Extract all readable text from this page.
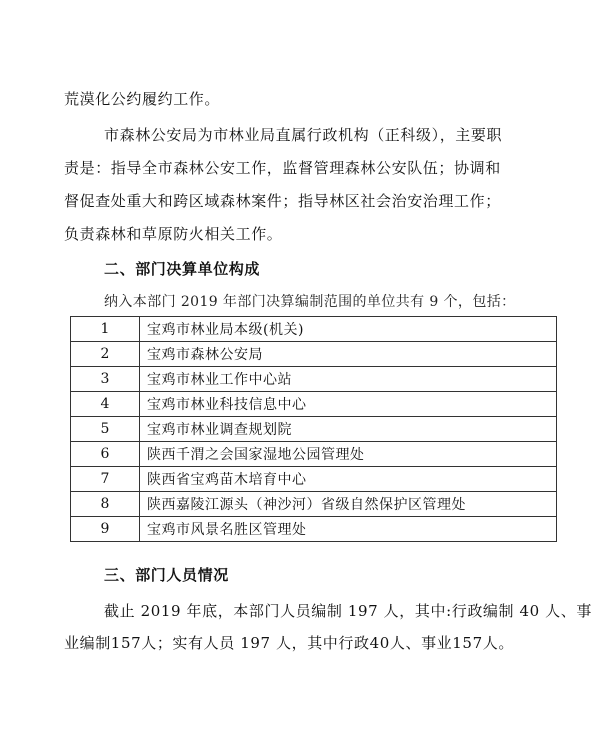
荒漠化公约履约工作。
市森林公安局为市林业局直属行政机构（正科级），主要职
责是：指导全市森林公安工作，监督管理森林公安队伍；协调和
督促查处重大和跨区域森林案件；指导林区社会治安治理工作；
负责森林和草原防火相关工作。
二、部门决算单位构成
纳入本部门 2019 年部门决算编制范围的单位共有 9 个，包括：
1	宝鸡市林业局本级(机关)
2	宝鸡市森林公安局
3	宝鸡市林业工作中心站
4	宝鸡市林业科技信息中心
5	宝鸡市林业调查规划院
6	陕西千渭之会国家湿地公园管理处
7	陕西省宝鸡苗木培育中心
8	陕西嘉陵江源头（神沙河）省级自然保护区管理处
9	宝鸡市风景名胜区管理处
三、部门人员情况
截止 2019 年底，本部门人员编制 197 人，其中:行政编制 40 人、事
业编制157人；实有人员 197 人，其中行政40人、事业157人。
